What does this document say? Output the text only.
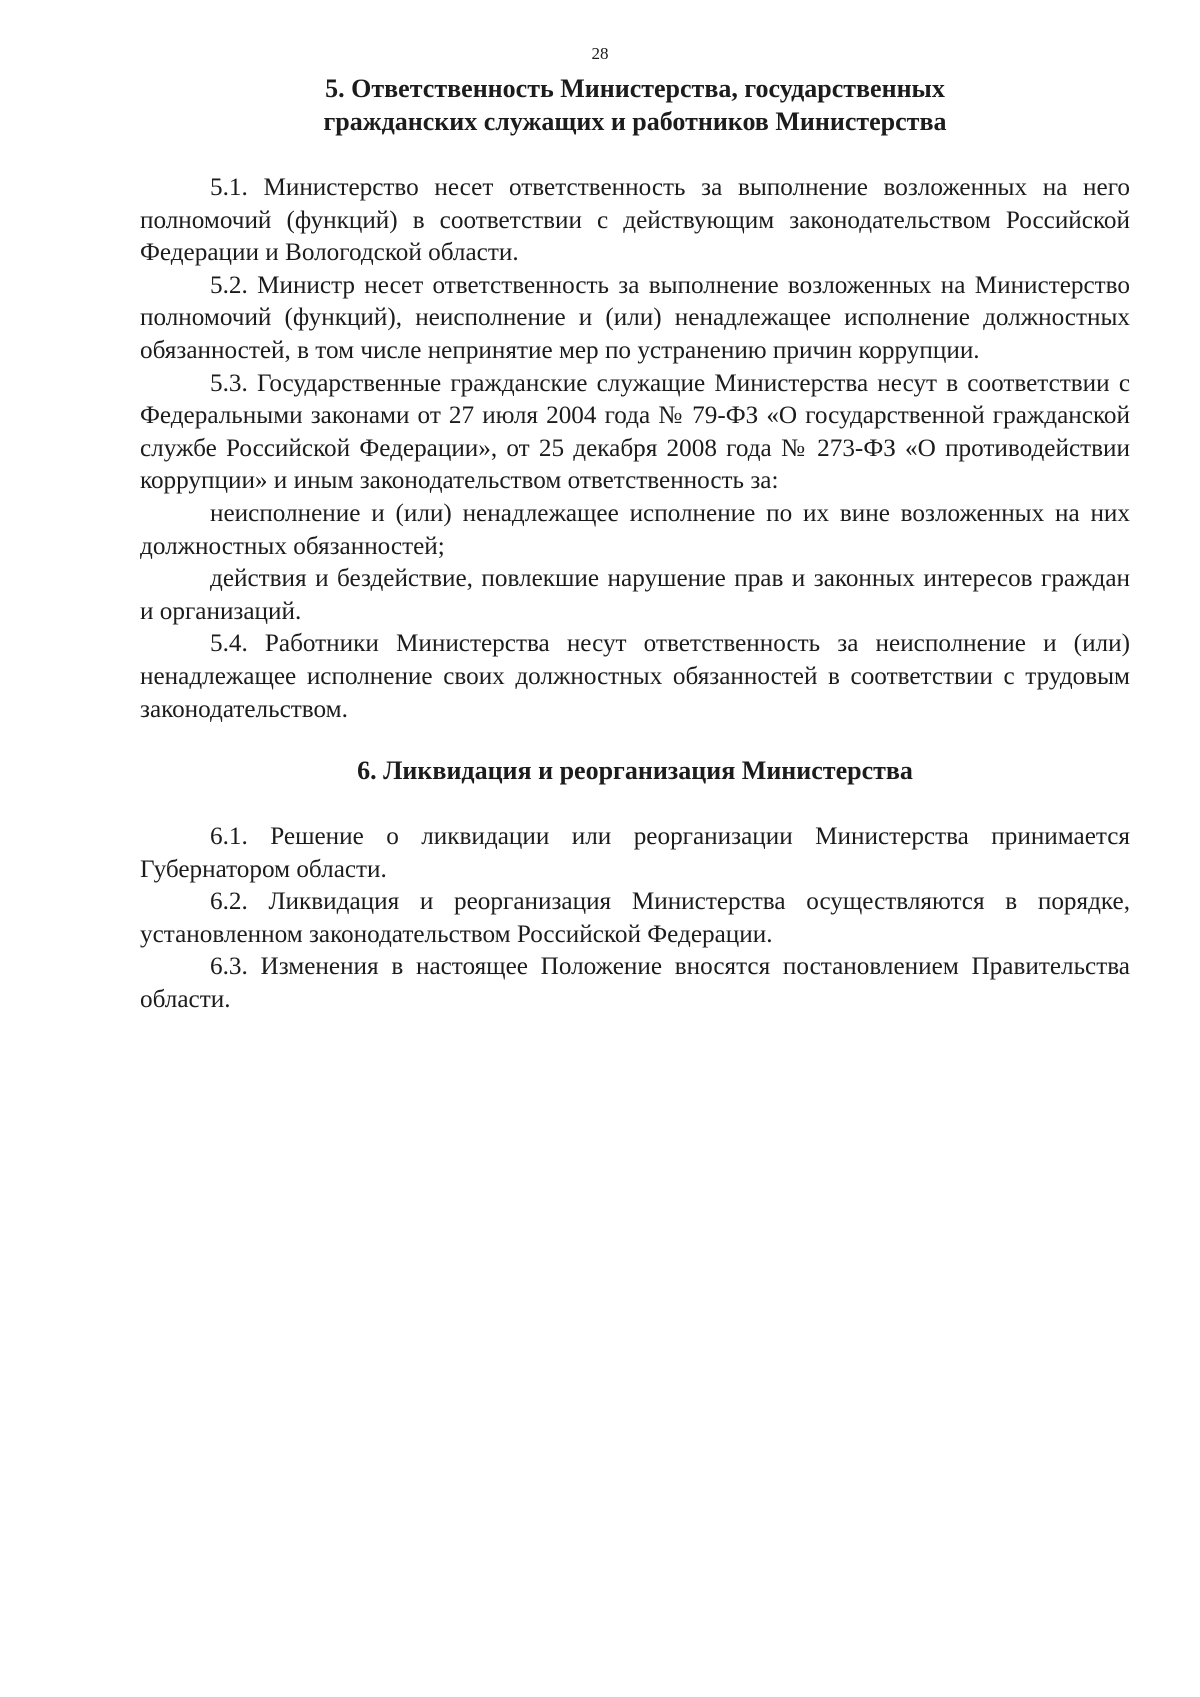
28
5. Ответственность Министерства, государственных
гражданских служащих и работников Министерства

5.1. Министерство несет ответственность за выполнение возложенных на него полномочий (функций) в соответствии с действующим законодательством Российской Федерации и Вологодской области.

5.2. Министр несет ответственность за выполнение возложенных на Министерство полномочий (функций), неисполнение и (или) ненадлежащее исполнение должностных обязанностей, в том числе непринятие мер по устранению причин коррупции.

5.3. Государственные гражданские служащие Министерства несут в соответствии с Федеральными законами от 27 июля 2004 года № 79-ФЗ «О государственной гражданской службе Российской Федерации», от 25 декабря 2008 года № 273-ФЗ «О противодействии коррупции» и иным законодательством ответственность за:

неисполнение и (или) ненадлежащее исполнение по их вине возложенных на них должностных обязанностей;

действия и бездействие, повлекшие нарушение прав и законных интересов граждан и организаций.

5.4. Работники Министерства несут ответственность за неисполнение и (или) ненадлежащее исполнение своих должностных обязанностей в соответствии с трудовым законодательством.

6. Ликвидация и реорганизация Министерства

6.1. Решение о ликвидации или реорганизации Министерства принимается Губернатором области.

6.2. Ликвидация и реорганизация Министерства осуществляются в порядке, установленном законодательством Российской Федерации.

6.3. Изменения в настоящее Положение вносятся постановлением Правительства области.
